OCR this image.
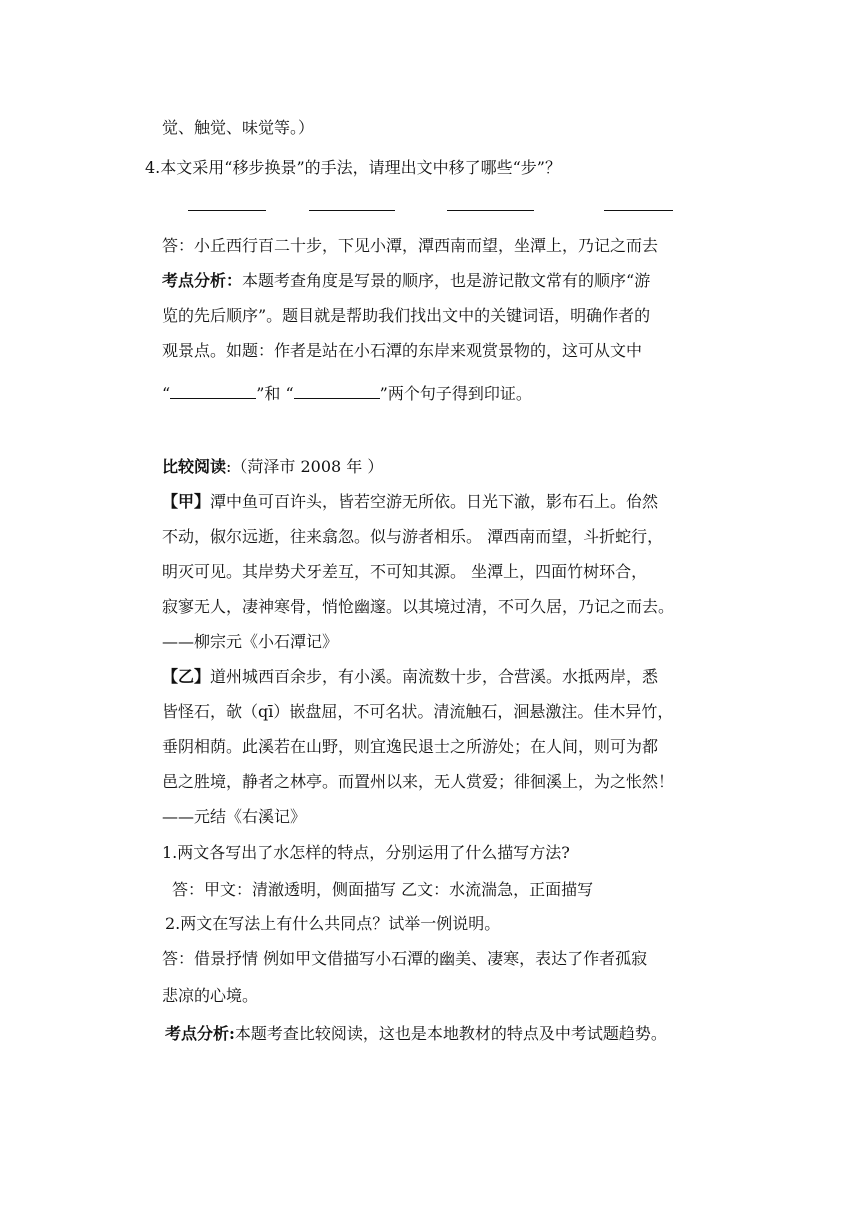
觉、触觉、味觉等。）
4.本文采用“移步换景”的手法，请理出文中移了哪些“步”？
答：小丘西行百二十步，下见小潭，潭西南而望，坐潭上，乃记之而去
考点分析：本题考查角度是写景的顺序，也是游记散文常有的顺序“游
览的先后顺序”。题目就是帮助我们找出文中的关键词语，明确作者的
观景点。如题：作者是站在小石潭的东岸来观赏景物的，这可从文中
“	”和 “	”两个句子得到印证。
比较阅读:（菏泽市 2008 年 ）
【甲】潭中鱼可百许头，皆若空游无所依。日光下澈，影布石上。佁然
不动，俶尔远逝，往来翕忽。似与游者相乐。 潭西南而望，斗折蛇行，
明灭可见。其岸势犬牙差互，不可知其源。 坐潭上，四面竹树环合，
寂寥无人，凄神寒骨，悄怆幽邃。以其境过清，不可久居，乃记之而去。
——柳宗元《小石潭记》
【乙】道州城西百余步，有小溪。南流数十步，合营溪。水抵两岸，悉
皆怪石，欹（qī）嵌盘屈，不可名状。清流触石，洄悬激注。佳木异竹，
垂阴相荫。此溪若在山野，则宜逸民退士之所游处；在人间，则可为都
邑之胜境，静者之林亭。而置州以来，无人赏爱；徘徊溪上，为之怅然！
——元结《右溪记》
1.两文各写出了水怎样的特点，分别运用了什么描写方法?
答：甲文：清澈透明，侧面描写 乙文：水流湍急，正面描写
2.两文在写法上有什么共同点？试举一例说明。
答：借景抒情 例如甲文借描写小石潭的幽美、凄寒，表达了作者孤寂
悲凉的心境。
考点分析:本题考查比较阅读，这也是本地教材的特点及中考试题趋势。
